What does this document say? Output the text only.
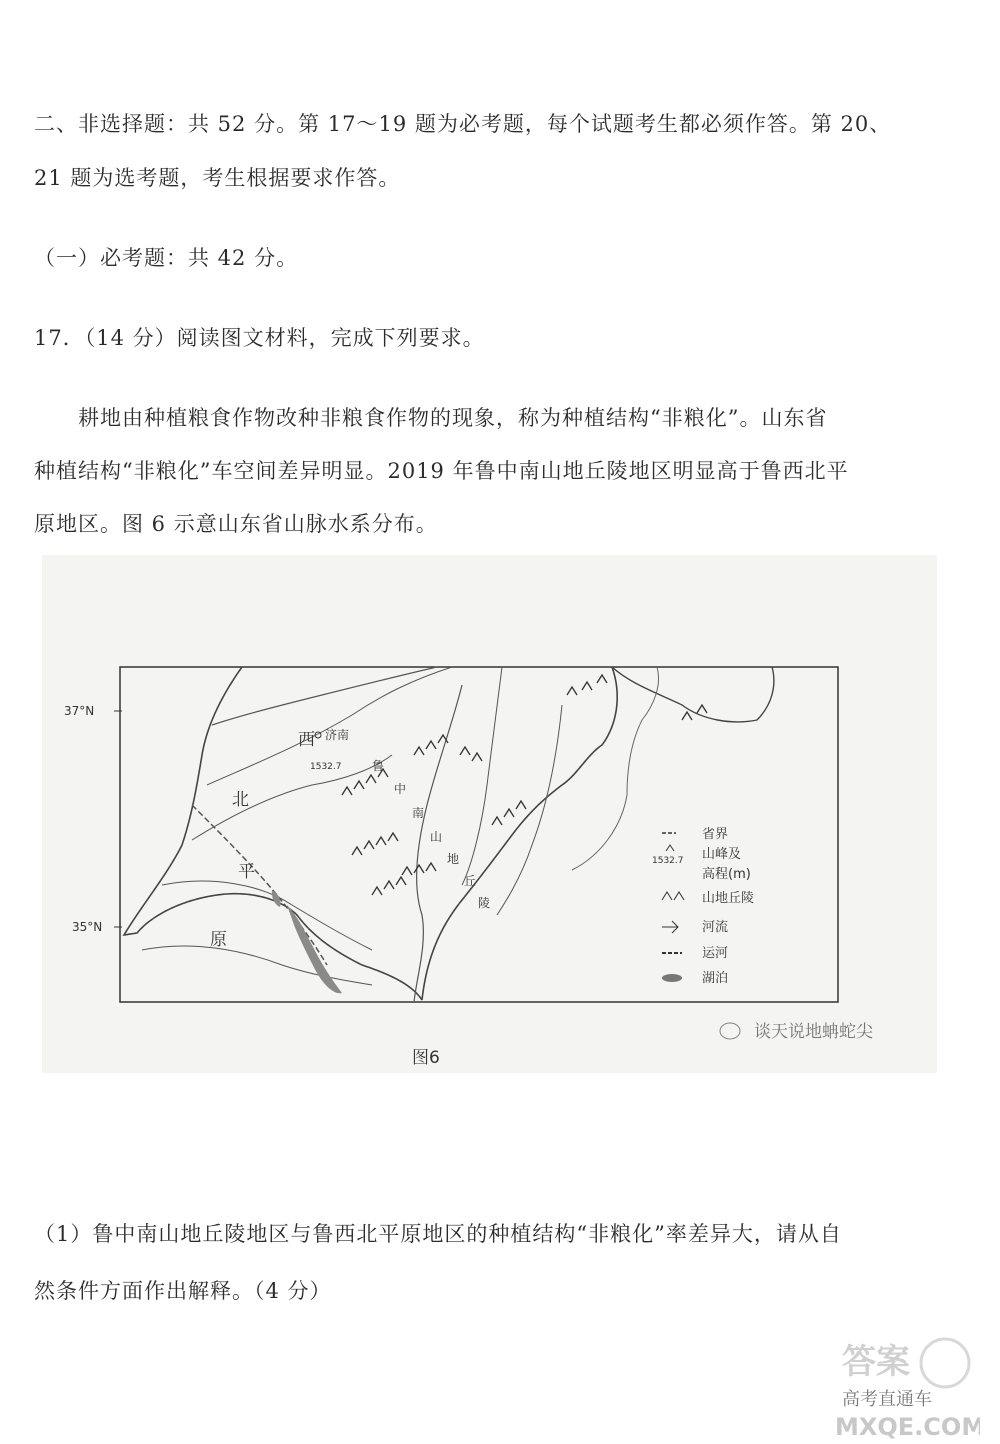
二、非选择题：共 52 分。第 17～19 题为必考题，每个试题考生都必须作答。第 20、
21 题为选考题，考生根据要求作答。
（一）必考题：共 42 分。
17．（14 分）阅读图文材料，完成下列要求。
耕地由种植粮食作物改种非粮食作物的现象，称为种植结构“非粮化”。山东省
种植结构“非粮化”车空间差异明显。2019 年鲁中南山地丘陵地区明显高于鲁西北平
原地区。图 6 示意山东省山脉水系分布。
37°N
35°N
济南
1532.7
西
北
平
原
鲁
中
南
山
地
丘
陵
省界
1532.7 山峰及
高程(m)
山地丘陵
河流
运河
湖泊
图6
谈天说地蚺蛇尖
（1）鲁中南山地丘陵地区与鲁西北平原地区的种植结构“非粮化”率差异大，请从自
然条件方面作出解释。（4 分）
答案
高考直通车
MXQE.COM
